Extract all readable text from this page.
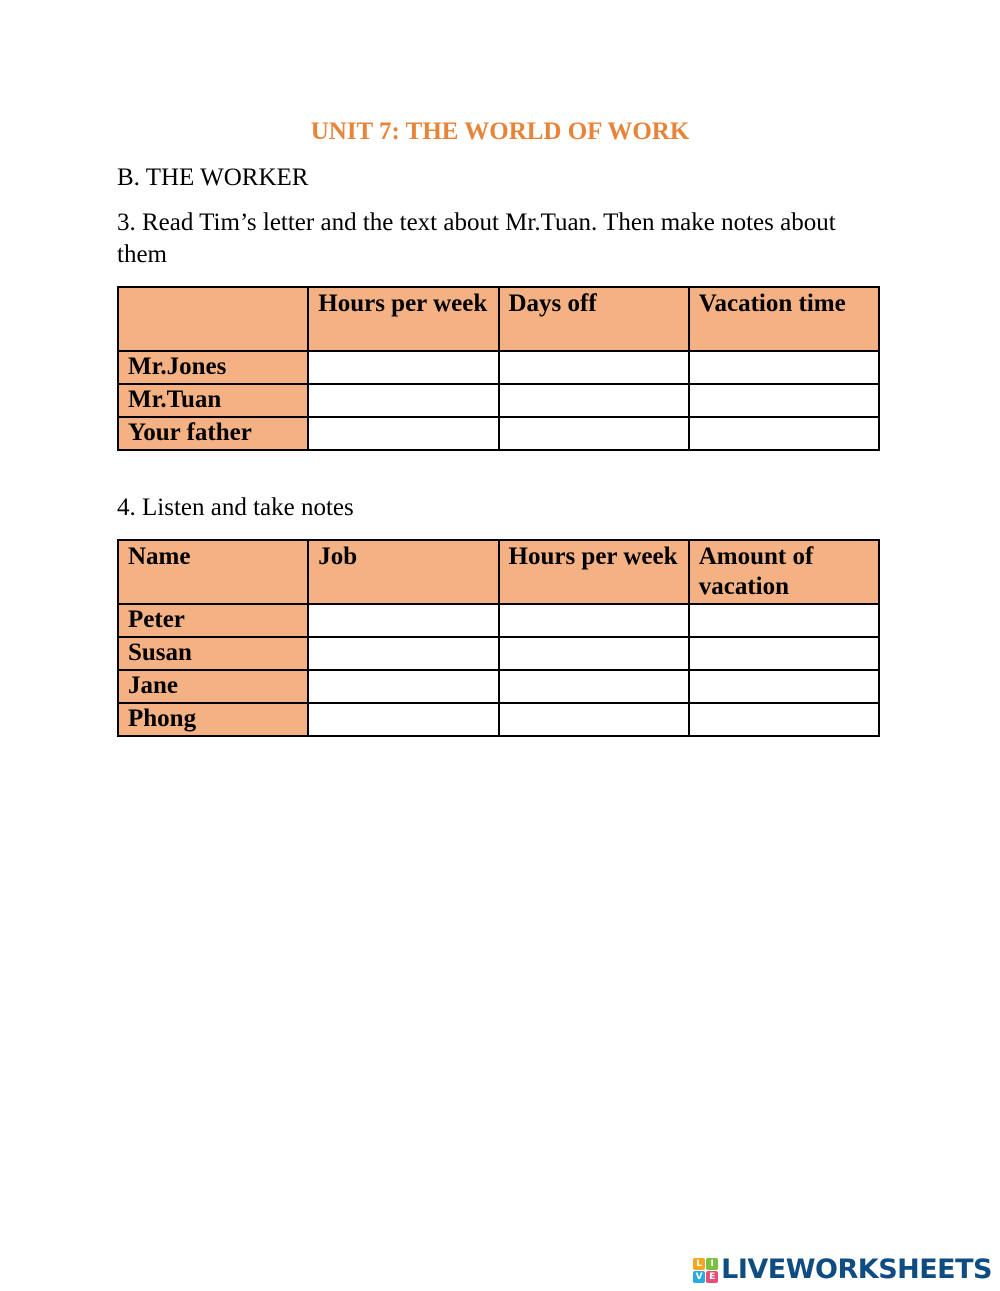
UNIT 7: THE WORLD OF WORK
B. THE WORKER
3. Read Tim’s letter and the text about Mr.Tuan. Then make notes about them
	Hours per week	Days off	Vacation time
Mr.Jones			
Mr.Tuan			
Your father			
4. Listen and take notes
Name	Job	Hours per week	Amount of vacation
Peter			
Susan			
Jane			
Phong			
L I
V E LIVEWORKSHEETS
